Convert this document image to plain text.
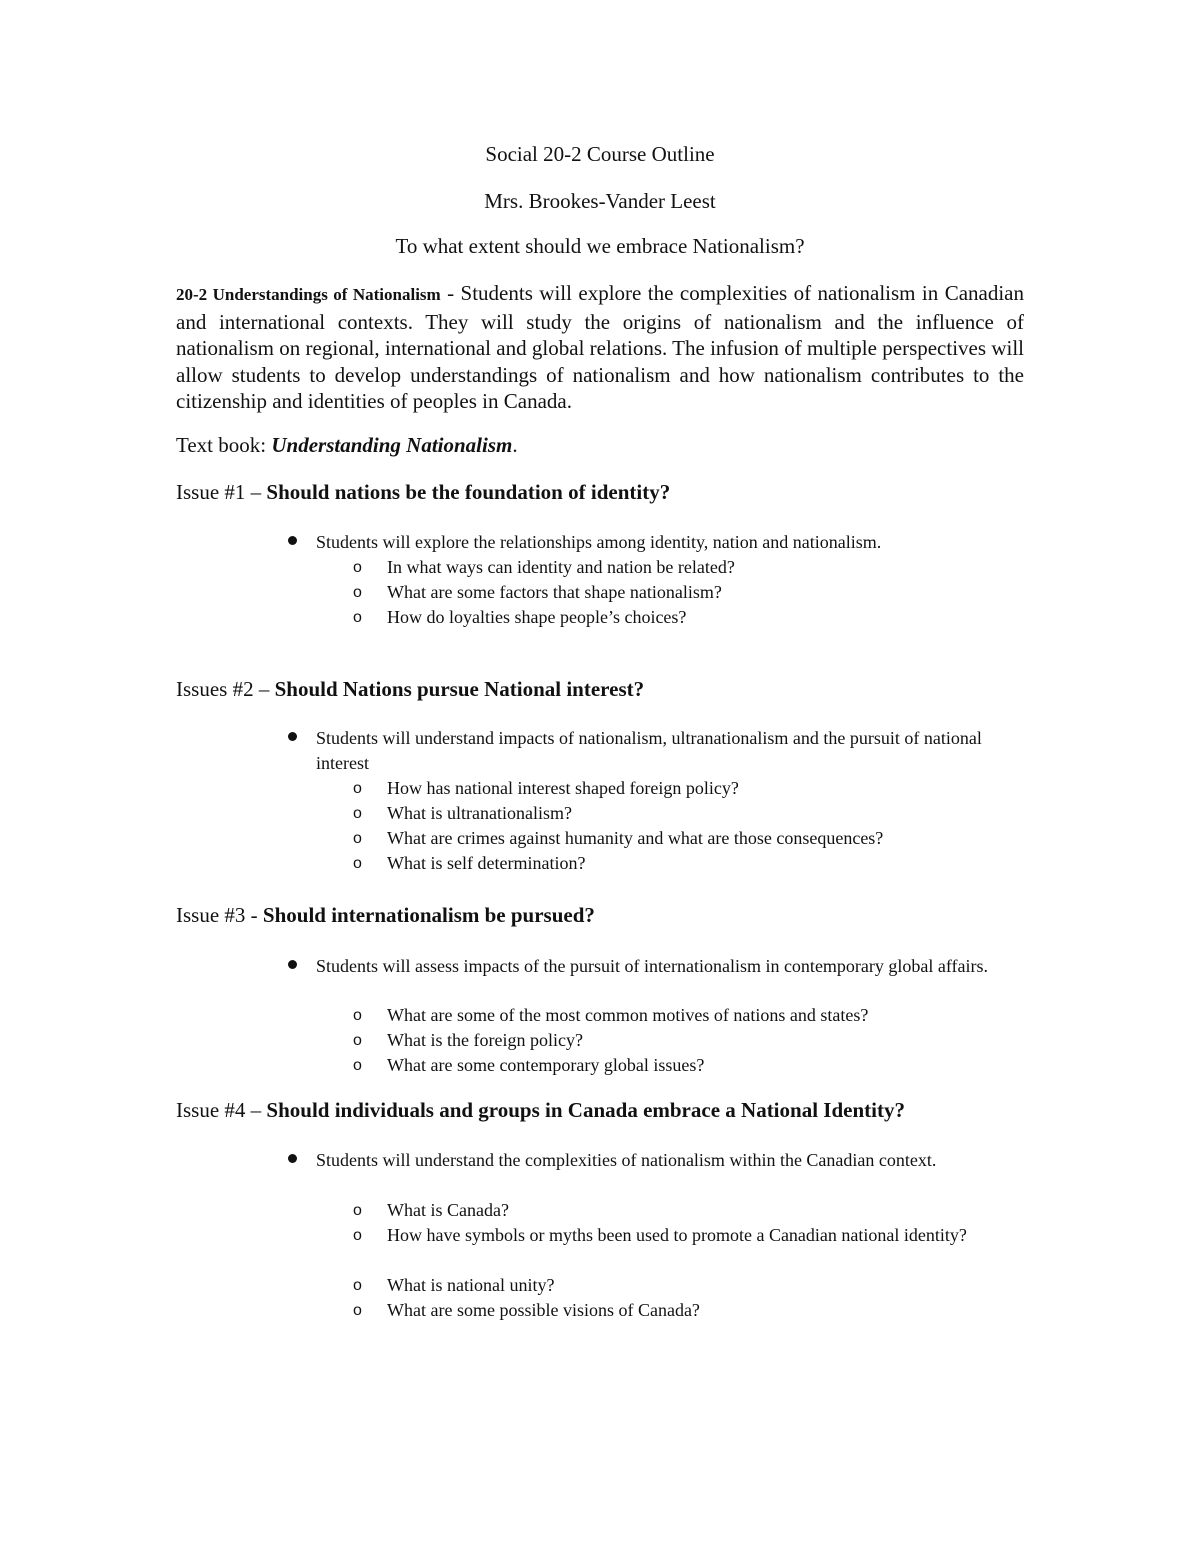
Social 20-2 Course Outline
Mrs. Brookes-Vander Leest
To what extent should we embrace Nationalism?
20-2 Understandings of Nationalism - Students will explore the complexities of nationalism in Canadian and international contexts. They will study the origins of nationalism and the influence of nationalism on regional, international and global relations. The infusion of multiple perspectives will allow students to develop understandings of nationalism and how nationalism contributes to the citizenship and identities of peoples in Canada.
Text book: Understanding Nationalism.
Issue #1 – Should nations be the foundation of identity?
Students will explore the relationships among identity, nation and nationalism.
o In what ways can identity and nation be related?
o What are some factors that shape nationalism?
o How do loyalties shape people’s choices?
Issues #2 – Should Nations pursue National interest?
Students will understand impacts of nationalism, ultranationalism and the pursuit of national interest
o How has national interest shaped foreign policy?
o What is ultranationalism?
o What are crimes against humanity and what are those consequences?
o What is self determination?
Issue #3 - Should internationalism be pursued?
Students will assess impacts of the pursuit of internationalism in contemporary global affairs.
o What are some of the most common motives of nations and states?
o What is the foreign policy?
o What are some contemporary global issues?
Issue #4 – Should individuals and groups in Canada embrace a National Identity?
Students will understand the complexities of nationalism within the Canadian context.
o What is Canada?
o How have symbols or myths been used to promote a Canadian national identity?
o What is national unity?
o What are some possible visions of Canada?
